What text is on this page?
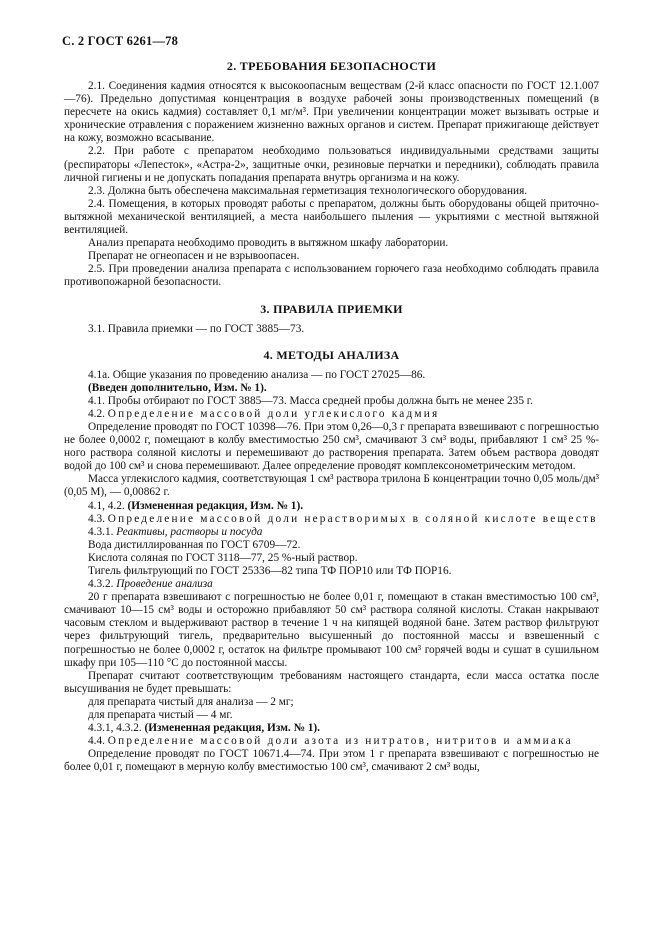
С. 2 ГОСТ 6261—78
2. ТРЕБОВАНИЯ БЕЗОПАСНОСТИ

2.1. Соединения кадмия относятся к высокоопасным веществам (2-й класс опасности по ГОСТ 12.1.007—76). Предельно допустимая концентрация в воздухе рабочей зоны производственных помещений (в пересчете на окись кадмия) составляет 0,1 мг/м³. При увеличении концентрации может вызывать острые и хронические отравления с поражением жизненно важных органов и систем. Препарат прижигающе действует на кожу, возможно всасывание.

2.2. При работе с препаратом необходимо пользоваться индивидуальными средствами защиты (респираторы «Лепесток», «Астра-2», защитные очки, резиновые перчатки и передники), соблюдать правила личной гигиены и не допускать попадания препарата внутрь организма и на кожу.

2.3. Должна быть обеспечена максимальная герметизация технологического оборудования.

2.4. Помещения, в которых проводят работы с препаратом, должны быть оборудованы общей приточно-вытяжной механической вентиляцией, а места наибольшего пыления — укрытиями с местной вытяжной вентиляцией.

Анализ препарата необходимо проводить в вытяжном шкафу лаборатории.

Препарат не огнеопасен и не взрывоопасен.

2.5. При проведении анализа препарата с использованием горючего газа необходимо соблюдать правила противопожарной безопасности.

3. ПРАВИЛА ПРИЕМКИ

3.1. Правила приемки — по ГОСТ 3885—73.

4. МЕТОДЫ АНАЛИЗА

4.1а. Общие указания по проведению анализа — по ГОСТ 27025—86.

(Введен дополнительно, Изм. № 1).

4.1. Пробы отбирают по ГОСТ 3885—73. Масса средней пробы должна быть не менее 235 г.

4.2. Определение массовой доли углекислого кадмия

Определение проводят по ГОСТ 10398—76. При этом 0,26—0,3 г препарата взвешивают с погрешностью не более 0,0002 г, помещают в колбу вместимостью 250 см³, смачивают 3 см³ воды, прибавляют 1 см³ 25 %-ного раствора соляной кислоты и перемешивают до растворения препарата. Затем объем раствора доводят водой до 100 см³ и снова перемешивают. Далее определение проводят комплексонометрическим методом.

Масса углекислого кадмия, соответствующая 1 см³ раствора трилона Б концентрации точно 0,05 моль/дм³ (0,05 М), — 0,00862 г.

4.1, 4.2. (Измененная редакция, Изм. № 1).

4.3. Определение массовой доли нерастворимых в соляной кислоте веществ

4.3.1. Реактивы, растворы и посуда

Вода дистиллированная по ГОСТ 6709—72.

Кислота соляная по ГОСТ 3118—77, 25 %-ный раствор.

Тигель фильтрующий по ГОСТ 25336—82 типа ТФ ПОР10 или ТФ ПОР16.

4.3.2. Проведение анализа

20 г препарата взвешивают с погрешностью не более 0,01 г, помещают в стакан вместимостью 100 см³, смачивают 10—15 см³ воды и осторожно прибавляют 50 см³ раствора соляной кислоты. Стакан накрывают часовым стеклом и выдерживают раствор в течение 1 ч на кипящей водяной бане. Затем раствор фильтруют через фильтрующий тигель, предварительно высушенный до постоянной массы и взвешенный с погрешностью не более 0,0002 г, остаток на фильтре промывают 100 см³ горячей воды и сушат в сушильном шкафу при 105—110 °С до постоянной массы.

Препарат считают соответствующим требованиям настоящего стандарта, если масса остатка после высушивания не будет превышать:

для препарата чистый для анализа — 2 мг;

для препарата чистый — 4 мг.

4.3.1, 4.3.2. (Измененная редакция, Изм. № 1).

4.4. Определение массовой доли азота из нитратов, нитритов и аммиака

Определение проводят по ГОСТ 10671.4—74. При этом 1 г препарата взвешивают с погрешностью не более 0,01 г, помещают в мерную колбу вместимостью 100 см³, смачивают 2 см³ воды,
